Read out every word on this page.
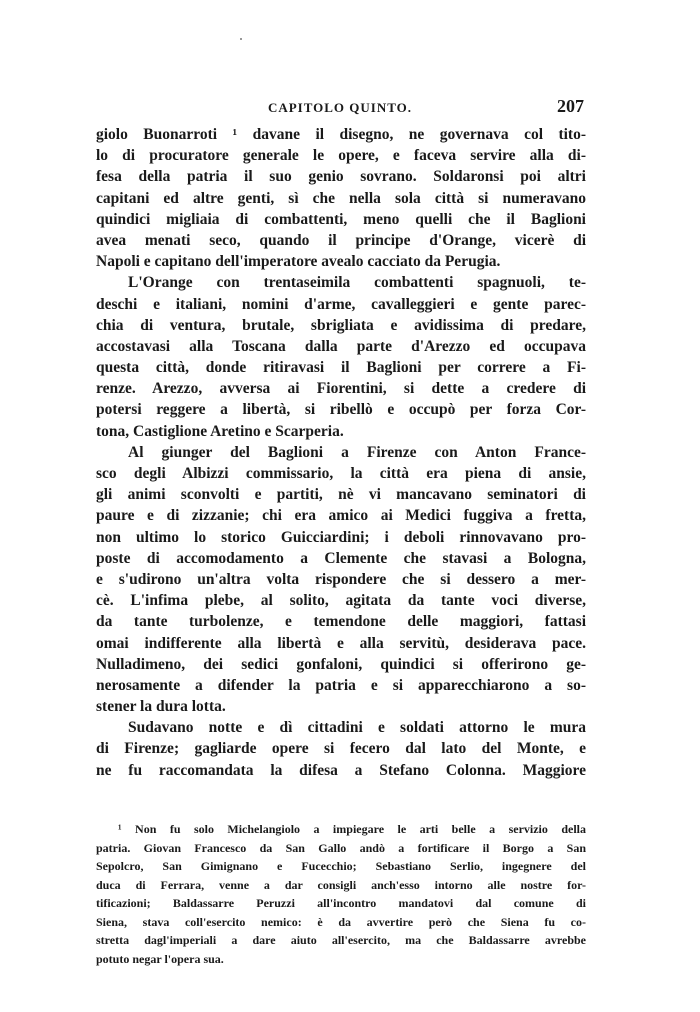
CAPITOLO QUINTO.	207
giolo Buonarroti ¹ davane il disegno, ne governava col tito-
lo di procuratore generale le opere, e faceva servire alla di-
fesa della patria il suo genio sovrano. Soldaronsi poi altri
capitani ed altre genti, sì che nella sola città si numeravano
quindici migliaia di combattenti, meno quelli che il Baglioni
avea menati seco, quando il principe d'Orange, vicerè di
Napoli e capitano dell'imperatore avealo cacciato da Perugia.
L'Orange con trentaseimila combattenti spagnuoli, te-
deschi e italiani, nomini d'arme, cavalleggieri e gente parec-
chia di ventura, brutale, sbrigliata e avidissima di predare,
accostavasi alla Toscana dalla parte d'Arezzo ed occupava
questa città, donde ritiravasi il Baglioni per correre a Fi-
renze. Arezzo, avversa ai Fiorentini, si dette a credere di
potersi reggere a libertà, si ribellò e occupò per forza Cor-
tona, Castiglione Aretino e Scarperia.
Al giunger del Baglioni a Firenze con Anton France-
sco degli Albizzi commissario, la città era piena di ansie,
gli animi sconvolti e partiti, nè vi mancavano seminatori di
paure e di zizzanie; chi era amico ai Medici fuggiva a fretta,
non ultimo lo storico Guicciardini; i deboli rinnovavano pro-
poste di accomodamento a Clemente che stavasi a Bologna,
e s'udirono un'altra volta rispondere che si dessero a mer-
cè. L'infima plebe, al solito, agitata da tante voci diverse,
da tante turbolenze, e temendone delle maggiori, fattasi
omai indifferente alla libertà e alla servitù, desiderava pace.
Nulladimeno, dei sedici gonfaloni, quindici si offerirono ge-
nerosamente a difender la patria e si apparecchiarono a so-
stener la dura lotta.
Sudavano notte e dì cittadini e soldati attorno le mura
di Firenze; gagliarde opere si fecero dal lato del Monte, e
ne fu raccomandata la difesa a Stefano Colonna. Maggiore
¹ Non fu solo Michelangiolo a impiegare le arti belle a servizio della
patria. Giovan Francesco da San Gallo andò a fortificare il Borgo a San
Sepolcro, San Gimignano e Fucecchio; Sebastiano Serlio, ingegnere del
duca di Ferrara, venne a dar consigli anch'esso intorno alle nostre for-
tificazioni; Baldassarre Peruzzi all'incontro mandatovi dal comune di
Siena, stava coll'esercito nemico: è da avvertire però che Siena fu co-
stretta dagl'imperiali a dare aiuto all'esercito, ma che Baldassarre avrebbe
potuto negar l'opera sua.
